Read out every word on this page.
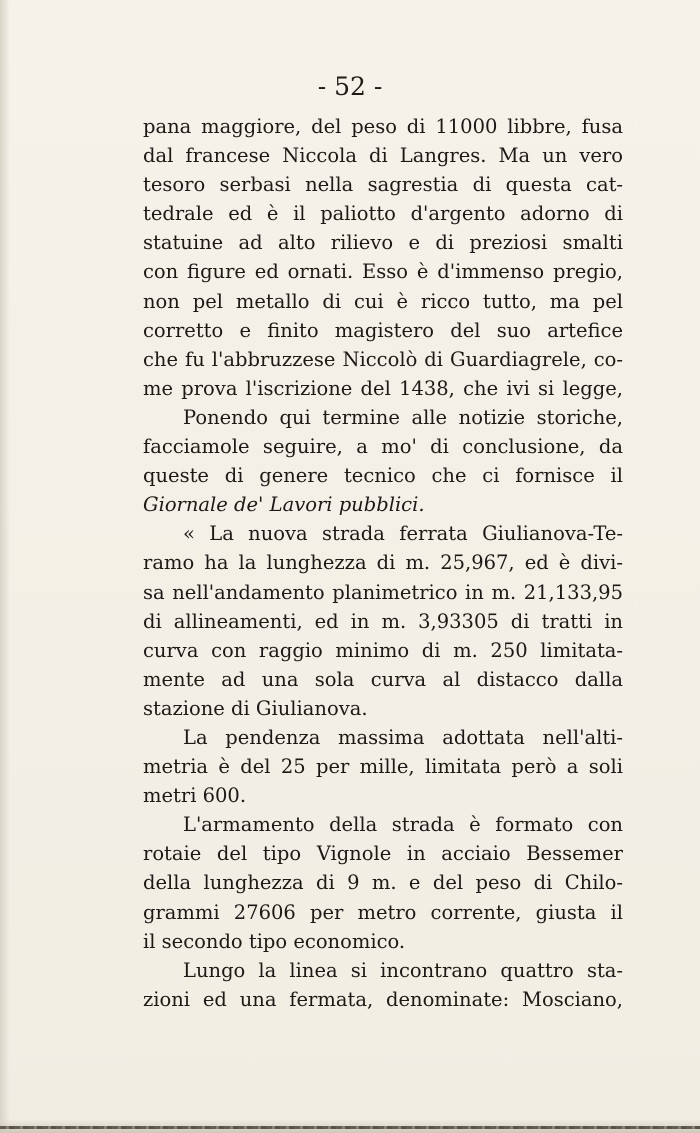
- 52 -
pana maggiore, del peso di 11000 libbre, fusa
dal francese Niccola di Langres. Ma un vero
tesoro serbasi nella sagrestia di questa cat-
tedrale ed è il paliotto d'argento adorno di
statuine ad alto rilievo e di preziosi smalti
con figure ed ornati. Esso è d'immenso pregio,
non pel metallo di cui è ricco tutto, ma pel
corretto e finito magistero del suo artefice
che fu l'abbruzzese Niccolò di Guardiagrele, co-
me prova l'iscrizione del 1438, che ivi si legge,
Ponendo qui termine alle notizie storiche,
facciamole seguire, a mo' di conclusione, da
queste di genere tecnico che ci fornisce il
Giornale de' Lavori pubblici.
« La nuova strada ferrata Giulianova-Te-
ramo ha la lunghezza di m. 25,967, ed è divi-
sa nell'andamento planimetrico in m. 21,133,95
di allineamenti, ed in m. 3,93305 di tratti in
curva con raggio minimo di m. 250 limitata-
mente ad una sola curva al distacco dalla
stazione di Giulianova.
La pendenza massima adottata nell'alti-
metria è del 25 per mille, limitata però a soli
metri 600.
L'armamento della strada è formato con
rotaie del tipo Vignole in acciaio Bessemer
della lunghezza di 9 m. e del peso di Chilo-
grammi 27606 per metro corrente, giusta il
il secondo tipo economico.
Lungo la linea si incontrano quattro sta-
zioni ed una fermata, denominate: Mosciano,
